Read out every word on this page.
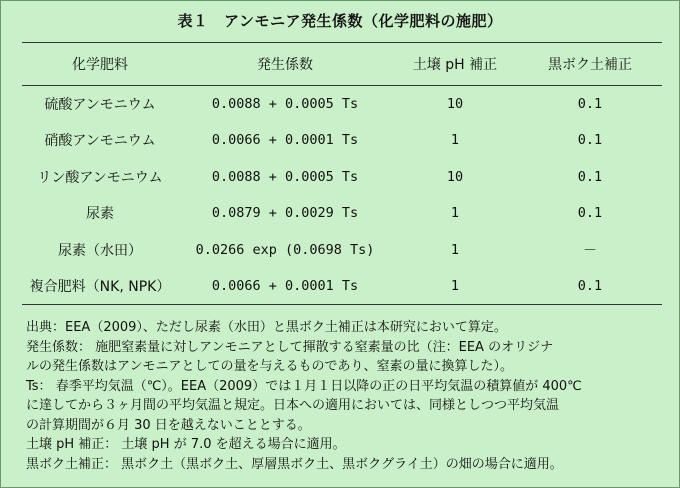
表１　アンモニア発生係数（化学肥料の施肥）
化学肥料	発生係数	土壌 pH 補正	黒ボク土補正
硫酸アンモニウム	0.0088 + 0.0005 Ts	10	0.1
硝酸アンモニウム	0.0066 + 0.0001 Ts	1	0.1
リン酸アンモニウム	0.0088 + 0.0005 Ts	10	0.1
尿素	0.0879 + 0.0029 Ts	1	0.1
尿素（水田）	0.0266 exp (0.0698 Ts)	1	－
複合肥料（NK, NPK）	0.0066 + 0.0001 Ts	1	0.1
出典：EEA（2009）、ただし尿素（水田）と黒ボク土補正は本研究において算定。
発生係数： 施肥窒素量に対しアンモニアとして揮散する窒素量の比（注：EEA のオリジナ
ルの発生係数はアンモニアとしての量を与えるものであり、窒素の量に換算した）。
Ts： 春季平均気温（℃）。EEA（2009）では１月１日以降の正の日平均気温の積算値が 400℃
に達してから３ヶ月間の平均気温と規定。日本への適用においては、同様としつつ平均気温
の計算期間が６月 30 日を越えないこととする。
土壌 pH 補正： 土壌 pH が 7.0 を超える場合に適用。
黒ボク土補正： 黒ボク土（黒ボク土、厚層黒ボク土、黒ボクグライ土）の畑の場合に適用。
